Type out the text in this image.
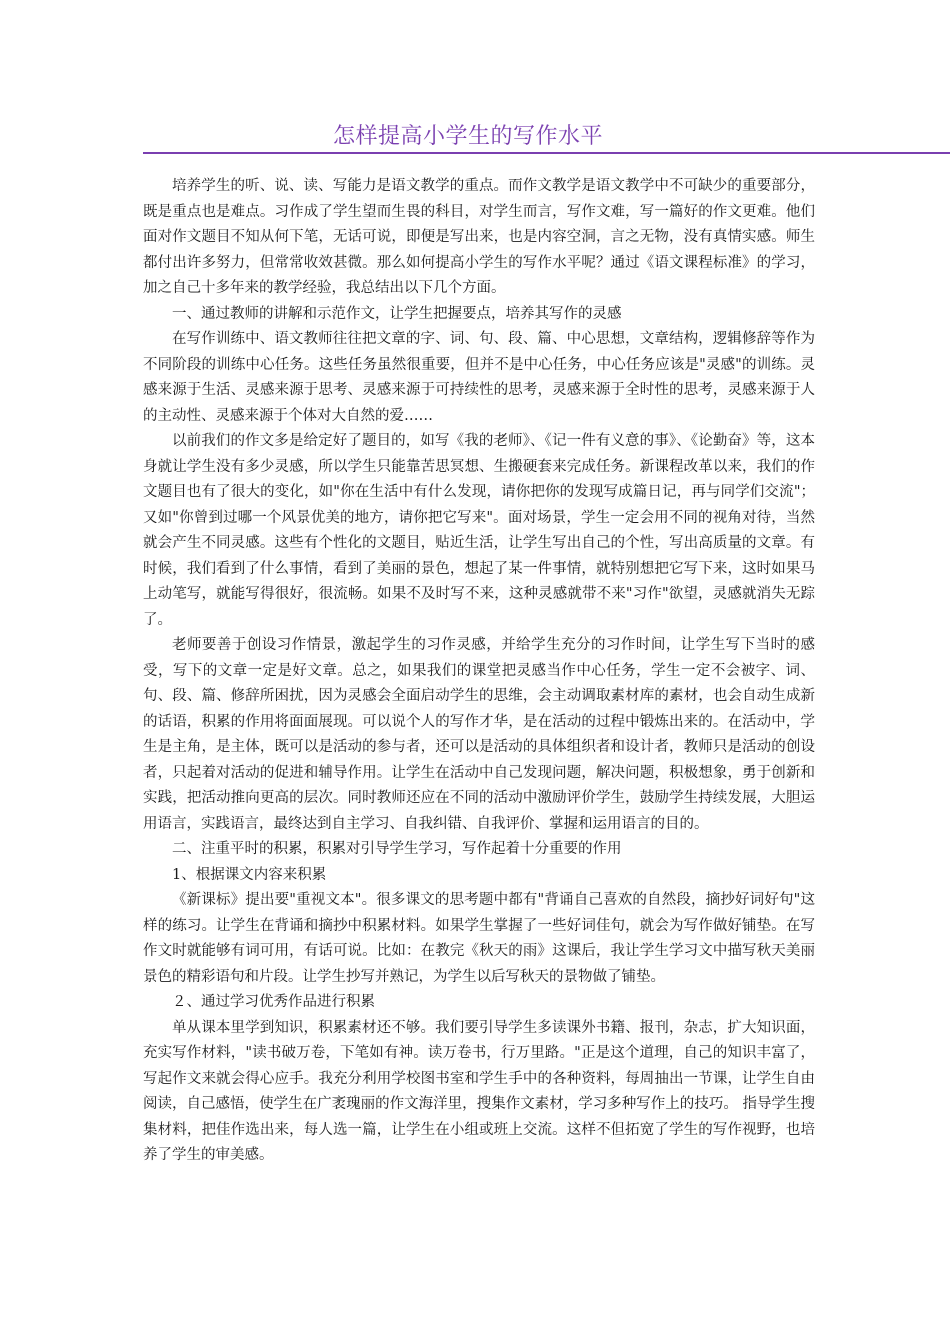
怎样提高小学生的写作水平

培养学生的听、说、读、写能力是语文教学的重点。而作文教学是语文教学中不可缺少的重要部分，既是重点也是难点。习作成了学生望而生畏的科目，对学生而言，写作文难，写一篇好的作文更难。他们面对作文题目不知从何下笔，无话可说，即便是写出来，也是内容空洞，言之无物，没有真情实感。师生都付出许多努力，但常常收效甚微。那么如何提高小学生的写作水平呢？通过《语文课程标准》的学习，加之自己十多年来的教学经验，我总结出以下几个方面。

一、通过教师的讲解和示范作文，让学生把握要点，培养其写作的灵感

在写作训练中、语文教师往往把文章的字、词、句、段、篇、中心思想，文章结构，逻辑修辞等作为不同阶段的训练中心任务。这些任务虽然很重要，但并不是中心任务，中心任务应该是"灵感"的训练。灵感来源于生活、灵感来源于思考、灵感来源于可持续性的思考，灵感来源于全时性的思考，灵感来源于人的主动性、灵感来源于个体对大自然的爱……

以前我们的作文多是给定好了题目的，如写《我的老师》、《记一件有义意的事》、《论勤奋》等，这本身就让学生没有多少灵感，所以学生只能靠苦思冥想、生搬硬套来完成任务。新课程改革以来，我们的作文题目也有了很大的变化，如"你在生活中有什么发现，请你把你的发现写成篇日记，再与同学们交流"；又如"你曾到过哪一个风景优美的地方，请你把它写来"。面对场景，学生一定会用不同的视角对待，当然就会产生不同灵感。这些有个性化的文题目，贴近生活，让学生写出自己的个性，写出高质量的文章。有时候，我们看到了什么事情，看到了美丽的景色，想起了某一件事情，就特别想把它写下来，这时如果马上动笔写，就能写得很好，很流畅。如果不及时写不来，这种灵感就带不来"习作"欲望，灵感就消失无踪了。

老师要善于创设习作情景，激起学生的习作灵感，并给学生充分的习作时间，让学生写下当时的感受，写下的文章一定是好文章。总之，如果我们的课堂把灵感当作中心任务，学生一定不会被字、词、句、段、篇、修辞所困扰，因为灵感会全面启动学生的思维，会主动调取素材库的素材，也会自动生成新的话语，积累的作用将面面展现。可以说个人的写作才华，是在活动的过程中锻炼出来的。在活动中，学生是主角，是主体，既可以是活动的参与者，还可以是活动的具体组织者和设计者，教师只是活动的创设者，只起着对活动的促进和辅导作用。让学生在活动中自己发现问题，解决问题，积极想象，勇于创新和实践，把活动推向更高的层次。同时教师还应在不同的活动中激励评价学生，鼓励学生持续发展，大胆运用语言，实践语言，最终达到自主学习、自我纠错、自我评价、掌握和运用语言的目的。

二、注重平时的积累，积累对引导学生学习，写作起着十分重要的作用

1、根据课文内容来积累

《新课标》提出要"重视文本"。很多课文的思考题中都有"背诵自己喜欢的自然段，摘抄好词好句"这样的练习。让学生在背诵和摘抄中积累材料。如果学生掌握了一些好词佳句，就会为写作做好铺垫。在写作文时就能够有词可用，有话可说。比如：在教完《秋天的雨》这课后，我让学生学习文中描写秋天美丽景色的精彩语句和片段。让学生抄写并熟记，为学生以后写秋天的景物做了铺垫。

２、通过学习优秀作品进行积累

单从课本里学到知识，积累素材还不够。我们要引导学生多读课外书籍、报刊，杂志，扩大知识面，充实写作材料，"读书破万卷，下笔如有神。读万卷书，行万里路。"正是这个道理，自己的知识丰富了，写起作文来就会得心应手。我充分利用学校图书室和学生手中的各种资料，每周抽出一节课，让学生自由阅读，自己感悟，使学生在广袤瑰丽的作文海洋里，搜集作文素材，学习多种写作上的技巧。 指导学生搜集材料，把佳作选出来，每人选一篇，让学生在小组或班上交流。这样不但拓宽了学生的写作视野，也培养了学生的审美感。
